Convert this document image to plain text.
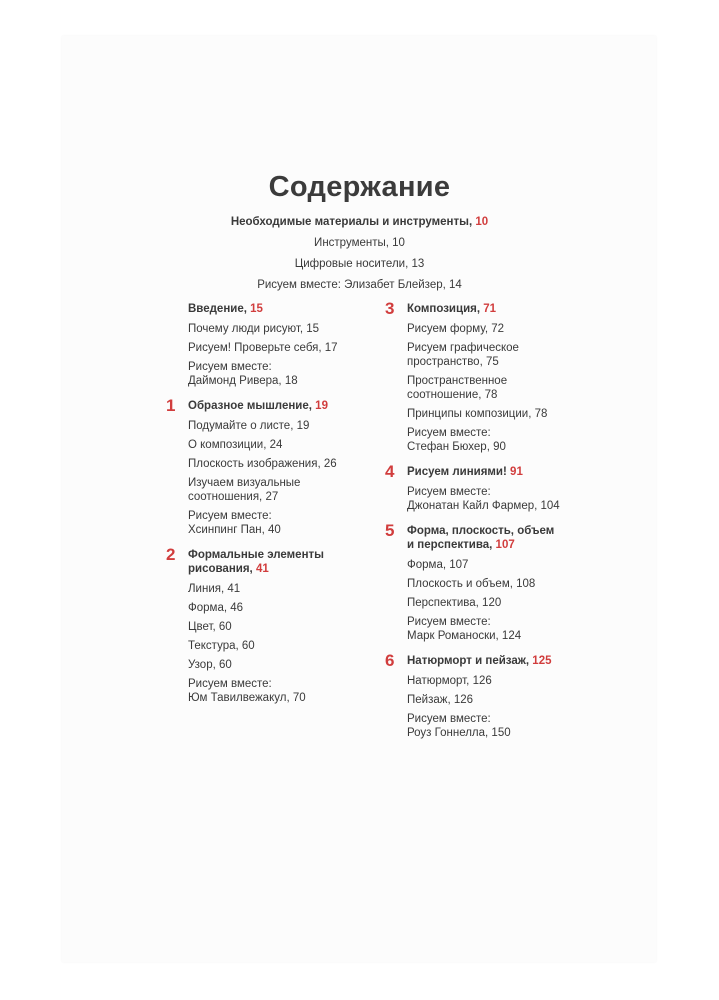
Содержание
Необходимые материалы и инструменты, 10
Инструменты, 10
Цифровые носители, 13
Рисуем вместе: Элизабет Блейзер, 14
Введение, 15
Почему люди рисуют, 15
Рисуем! Проверьте себя, 17
Рисуем вместе:
Даймонд Ривера, 18
1 Образное мышление, 19
Подумайте о листе, 19
О композиции, 24
Плоскость изображения, 26
Изучаем визуальные
соотношения, 27
Рисуем вместе:
Хсинпинг Пан, 40
2 Формальные элементы
рисования, 41
Линия, 41
Форма, 46
Цвет, 60
Текстура, 60
Узор, 60
Рисуем вместе:
Юм Тавилвежакул, 70
3 Композиция, 71
Рисуем форму, 72
Рисуем графическое
пространство, 75
Пространственное
соотношение, 78
Принципы композиции, 78
Рисуем вместе:
Стефан Бюхер, 90
4 Рисуем линиями! 91
Рисуем вместе:
Джонатан Кайл Фармер, 104
5 Форма, плоскость, объем
и перспектива, 107
Форма, 107
Плоскость и объем, 108
Перспектива, 120
Рисуем вместе:
Марк Романоски, 124
6 Натюрморт и пейзаж, 125
Натюрморт, 126
Пейзаж, 126
Рисуем вместе:
Роуз Гоннелла, 150
